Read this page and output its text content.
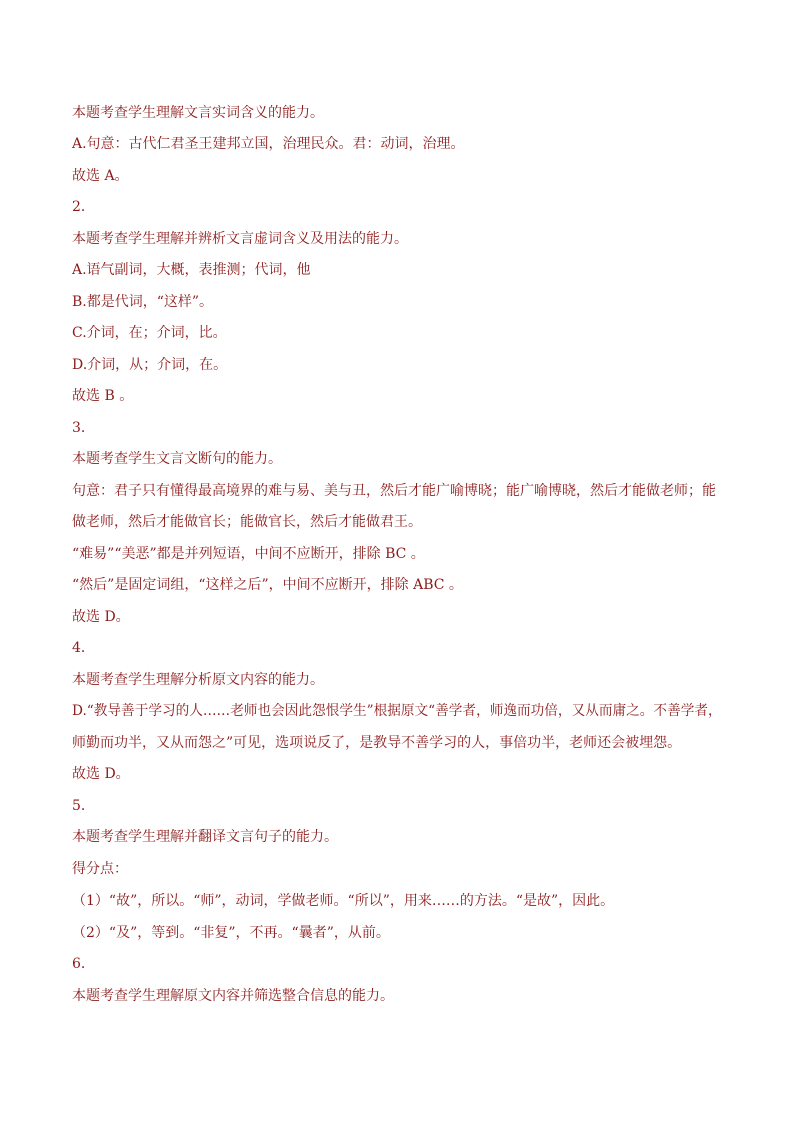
本题考查学生理解文言实词含义的能力。
A.句意：古代仁君圣王建邦立国，治理民众。君：动词，治理。
故选 A。
2．
本题考查学生理解并辨析文言虚词含义及用法的能力。
A.语气副词，大概，表推测；代词，他
B.都是代词，“这样”。
C.介词，在；介词，比。
D.介词，从；介词，在。
故选 B 。
3．
本题考查学生文言文断句的能力。
句意：君子只有懂得最高境界的难与易、美与丑，然后才能广喻博晓；能广喻博晓，然后才能做老师；能
做老师，然后才能做官长；能做官长，然后才能做君王。
“难易”“美恶”都是并列短语，中间不应断开，排除 BC 。
“然后”是固定词组，“这样之后”，中间不应断开，排除 ABC 。
故选 D。
4．
本题考查学生理解分析原文内容的能力。
D.“教导善于学习的人……老师也会因此怨恨学生”根据原文“善学者，师逸而功倍，又从而庸之。不善学者，
师勤而功半，又从而怨之”可见，选项说反了，是教导不善学习的人，事倍功半，老师还会被埋怨。
故选 D。
5．
本题考查学生理解并翻译文言句子的能力。
得分点：
（1）“故”，所以。“师”，动词，学做老师。“所以”，用来……的方法。“是故”，因此。
（2）“及”，等到。“非复”，不再。“曩者”，从前。
6．
本题考查学生理解原文内容并筛选整合信息的能力。
